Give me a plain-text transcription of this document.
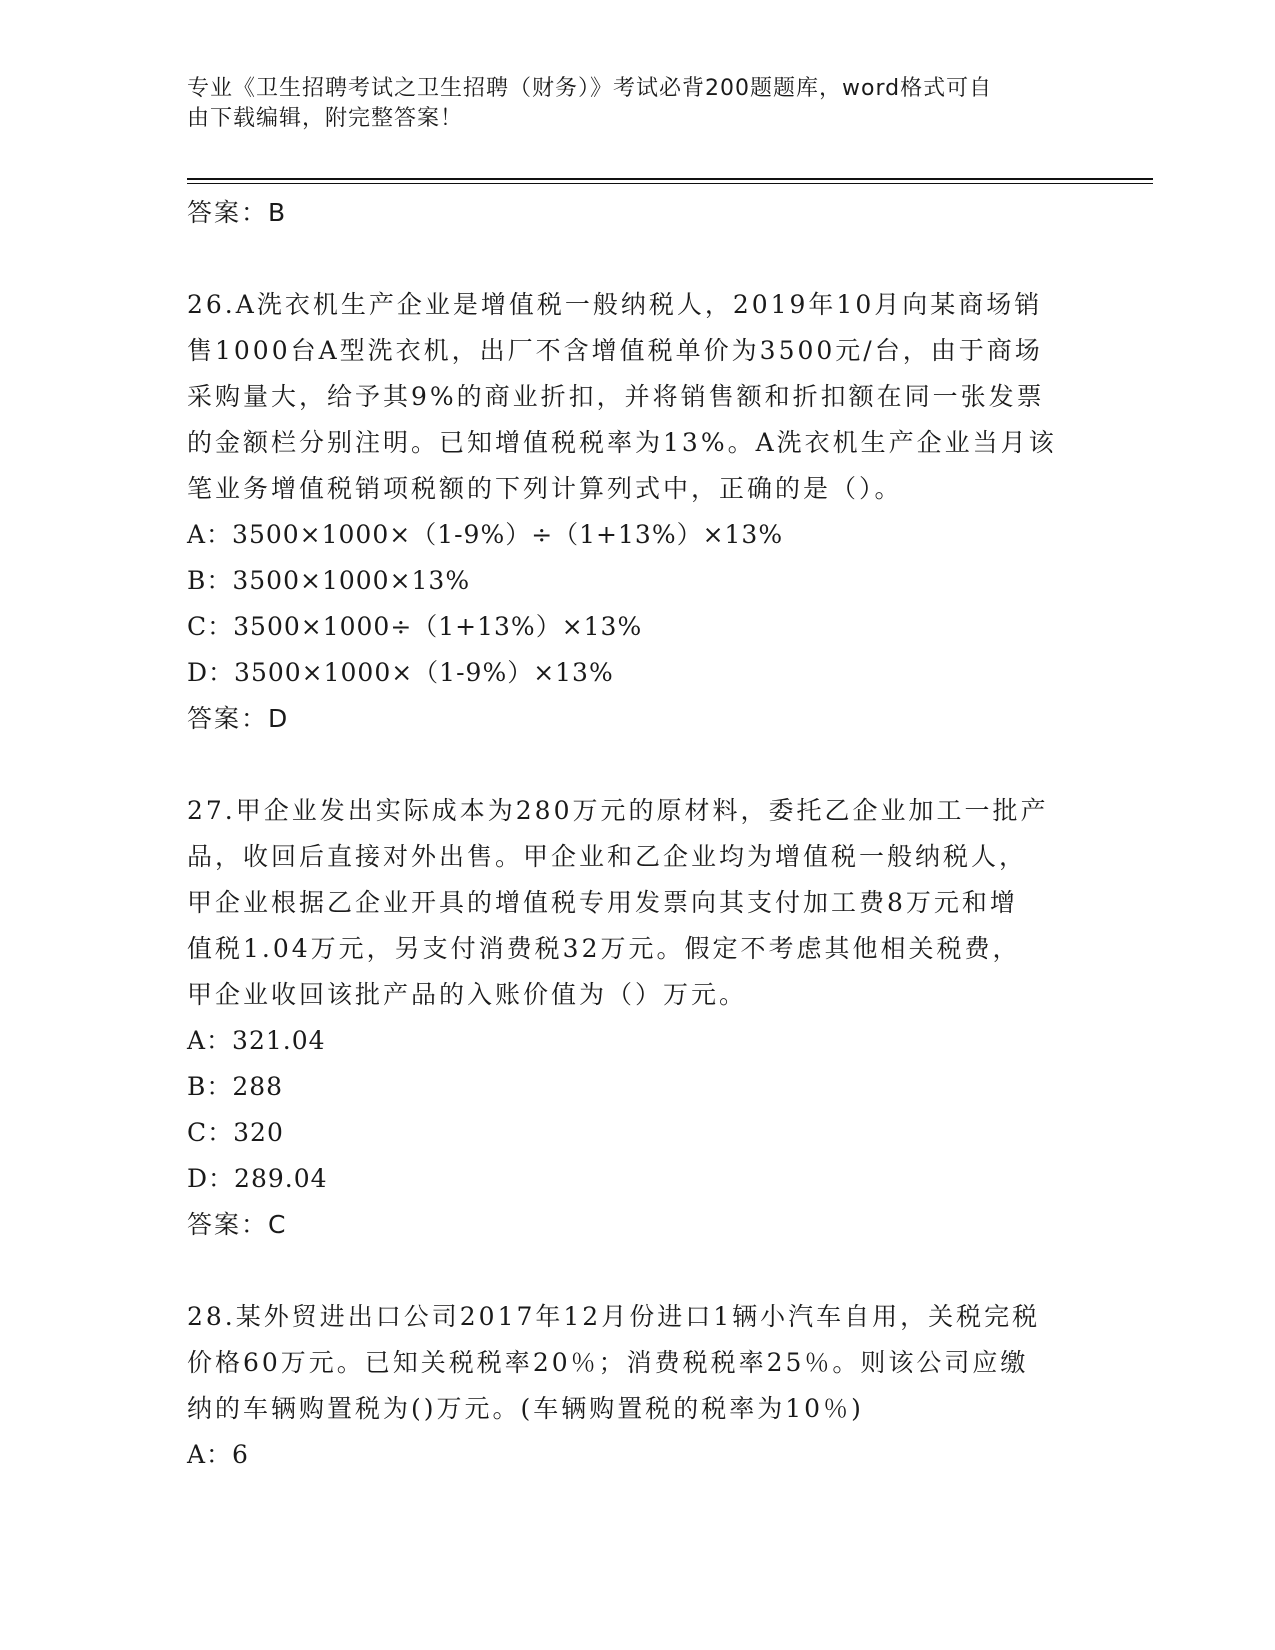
专业《卫生招聘考试之卫生招聘（财务）》考试必背200题题库，word格式可自
由下载编辑，附完整答案！
答案：B
26.A洗衣机生产企业是增值税一般纳税人，2019年10月向某商场销
售1000台A型洗衣机，出厂不含增值税单价为3500元/台，由于商场
采购量大，给予其9%的商业折扣，并将销售额和折扣额在同一张发票
的金额栏分别注明。已知增值税税率为13%。A洗衣机生产企业当月该
笔业务增值税销项税额的下列计算列式中，正确的是（）。
A：3500×1000×（1-9%）÷（1+13%）×13%
B：3500×1000×13%
C：3500×1000÷（1+13%）×13%
D：3500×1000×（1-9%）×13%
答案：D
27.甲企业发出实际成本为280万元的原材料，委托乙企业加工一批产
品，收回后直接对外出售。甲企业和乙企业均为增值税一般纳税人，
甲企业根据乙企业开具的增值税专用发票向其支付加工费8万元和增
值税1.04万元，另支付消费税32万元。假定不考虑其他相关税费，
甲企业收回该批产品的入账价值为（）万元。
A：321.04
B：288
C：320
D：289.04
答案：C
28.某外贸进出口公司2017年12月份进口1辆小汽车自用，关税完税
价格60万元。已知关税税率20％；消费税税率25％。则该公司应缴
纳的车辆购置税为()万元。(车辆购置税的税率为10％)
A：6
